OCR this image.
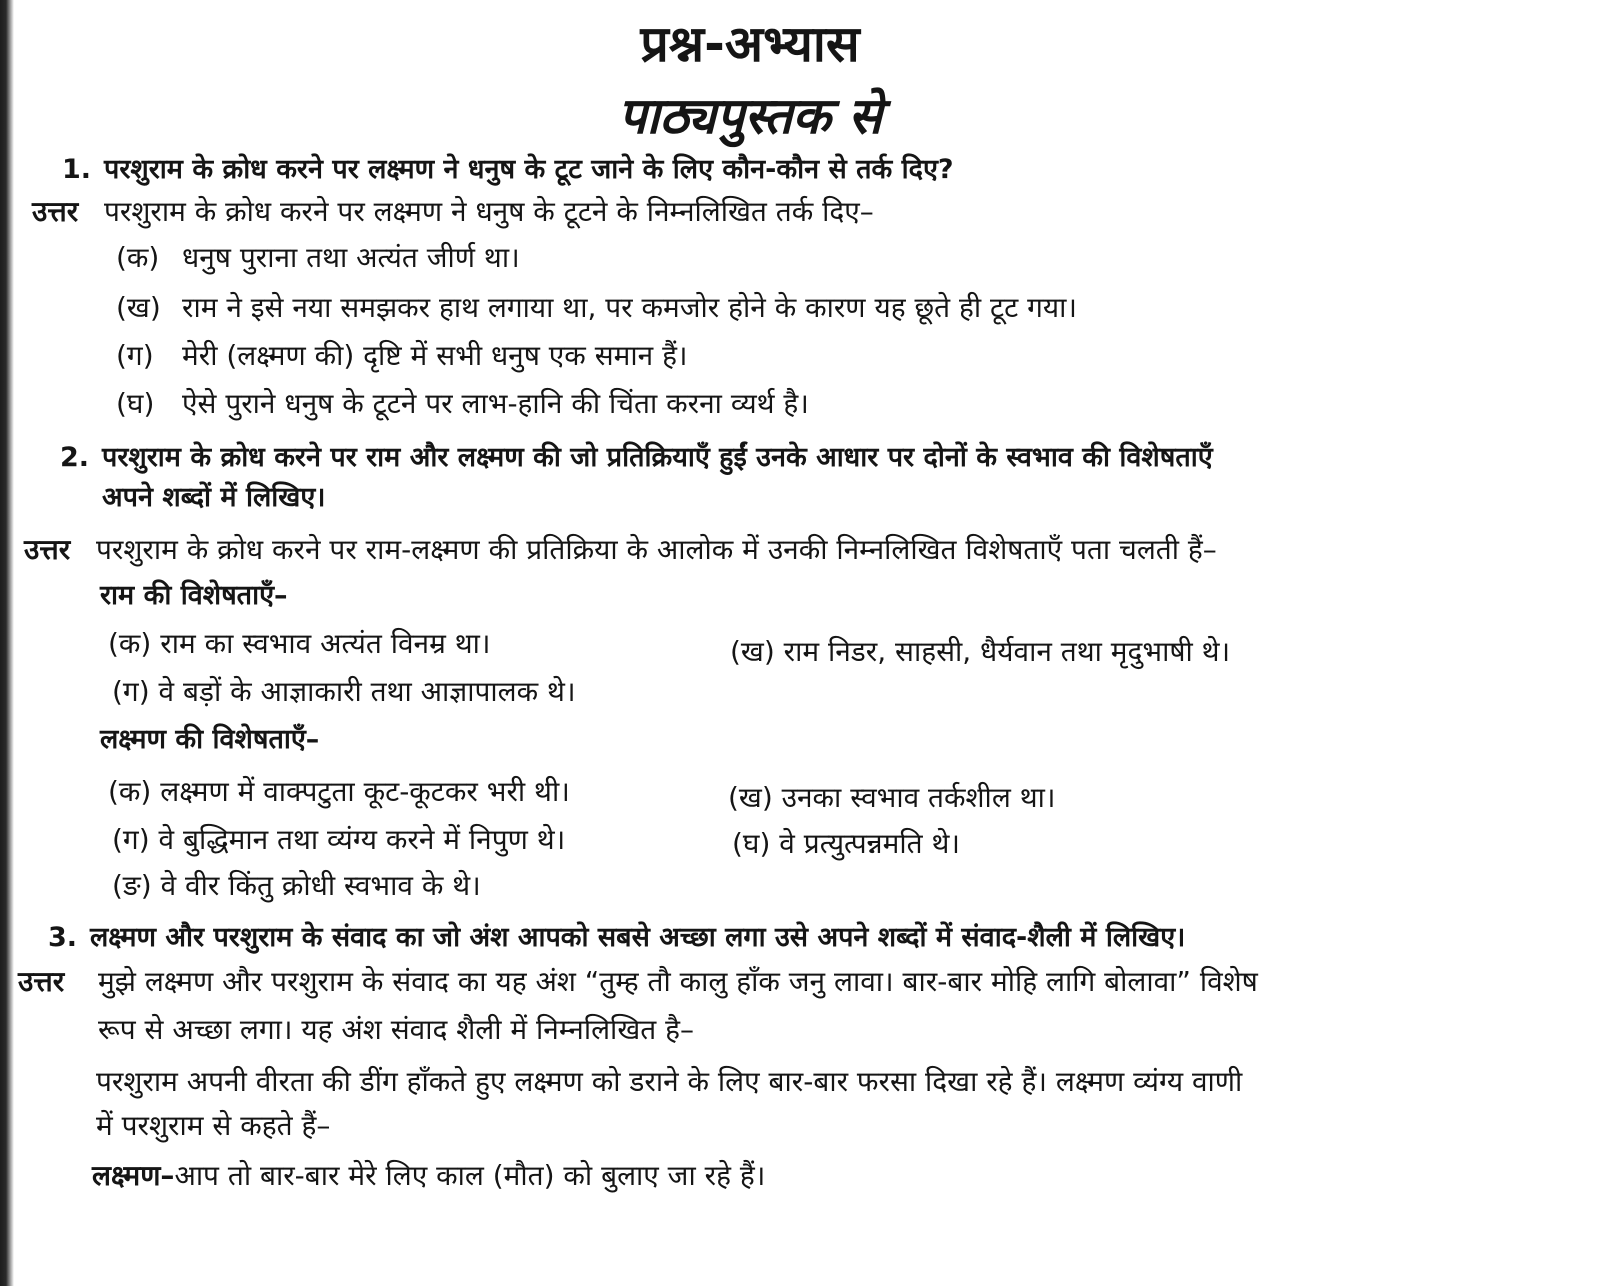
प्रश्न-अभ्यास
पाठ्यपुस्तक से
1. परशुराम के क्रोध करने पर लक्ष्मण ने धनुष के टूट जाने के लिए कौन-कौन से तर्क दिए?
उत्तर परशुराम के क्रोध करने पर लक्ष्मण ने धनुष के टूटने के निम्नलिखित तर्क दिए–
(क) धनुष पुराना तथा अत्यंत जीर्ण था।
(ख) राम ने इसे नया समझकर हाथ लगाया था, पर कमजोर होने के कारण यह छूते ही टूट गया।
(ग) मेरी (लक्ष्मण की) दृष्टि में सभी धनुष एक समान हैं।
(घ) ऐसे पुराने धनुष के टूटने पर लाभ-हानि की चिंता करना व्यर्थ है।
2. परशुराम के क्रोध करने पर राम और लक्ष्मण की जो प्रतिक्रियाएँ हुईं उनके आधार पर दोनों के स्वभाव की विशेषताएँ
अपने शब्दों में लिखिए।
उत्तर परशुराम के क्रोध करने पर राम-लक्ष्मण की प्रतिक्रिया के आलोक में उनकी निम्नलिखित विशेषताएँ पता चलती हैं–
राम की विशेषताएँ–
(क) राम का स्वभाव अत्यंत विनम्र था।	(ख) राम निडर, साहसी, धैर्यवान तथा मृदुभाषी थे।
(ग) वे बड़ों के आज्ञाकारी तथा आज्ञापालक थे।
लक्ष्मण की विशेषताएँ–
(क) लक्ष्मण में वाक्पटुता कूट-कूटकर भरी थी।	(ख) उनका स्वभाव तर्कशील था।
(ग) वे बुद्धिमान तथा व्यंग्य करने में निपुण थे।	(घ) वे प्रत्युत्पन्नमति थे।
(ङ) वे वीर किंतु क्रोधी स्वभाव के थे।
3. लक्ष्मण और परशुराम के संवाद का जो अंश आपको सबसे अच्छा लगा उसे अपने शब्दों में संवाद-शैली में लिखिए।
उत्तर मुझे लक्ष्मण और परशुराम के संवाद का यह अंश “तुम्ह तौ कालु हाँक जनु लावा। बार-बार मोहि लागि बोलावा” विशेष
रूप से अच्छा लगा। यह अंश संवाद शैली में निम्नलिखित है–
परशुराम अपनी वीरता की डींग हाँकते हुए लक्ष्मण को डराने के लिए बार-बार फरसा दिखा रहे हैं। लक्ष्मण व्यंग्य वाणी
में परशुराम से कहते हैं–
लक्ष्मण–आप तो बार-बार मेरे लिए काल (मौत) को बुलाए जा रहे हैं।
